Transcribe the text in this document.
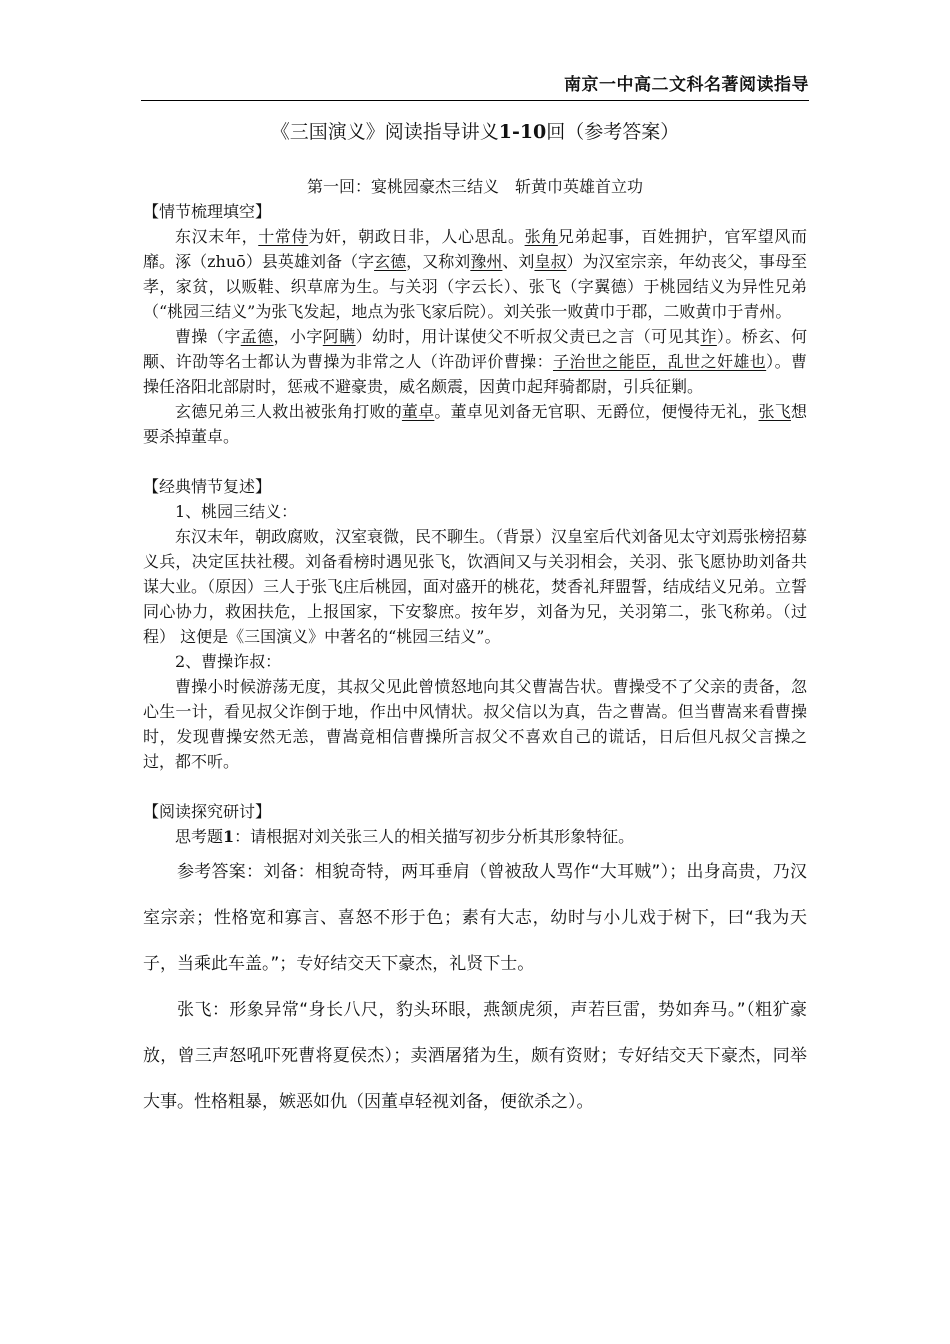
南京一中高二文科名著阅读指导

《三国演义》阅读指导讲义1-10回（参考答案）

第一回：宴桃园豪杰三结义　斩黄巾英雄首立功

【情节梳理填空】

东汉末年，十常侍为奸，朝政日非，人心思乱。张角兄弟起事，百姓拥护，官军望风而靡。涿（zhuō）县英雄刘备（字玄德，又称刘豫州、刘皇叔）为汉室宗亲，年幼丧父，事母至孝，家贫，以贩鞋、织草席为生。与关羽（字云长）、张飞（字翼德）于桃园结义为异性兄弟（“桃园三结义”为张飞发起，地点为张飞家后院）。刘关张一败黄巾于郡，二败黄巾于青州。

曹操（字孟德，小字阿瞒）幼时，用计谋使父不听叔父责已之言（可见其诈）。桥玄、何颙、许劭等名士都认为曹操为非常之人（许劭评价曹操：子治世之能臣，乱世之奸雄也）。曹操任洛阳北部尉时，惩戒不避豪贵，威名颇震，因黄巾起拜骑都尉，引兵征剿。

玄德兄弟三人救出被张角打败的董卓。董卓见刘备无官职、无爵位，便慢待无礼，张飞想要杀掉董卓。

【经典情节复述】

1、桃园三结义：

东汉末年，朝政腐败，汉室衰微，民不聊生。（背景）汉皇室后代刘备见太守刘焉张榜招募义兵，决定匡扶社稷。刘备看榜时遇见张飞，饮酒间又与关羽相会，关羽、张飞愿协助刘备共谋大业。（原因）三人于张飞庄后桃园，面对盛开的桃花，焚香礼拜盟誓，结成结义兄弟。立誓同心协力，救困扶危，上报国家，下安黎庶。按年岁，刘备为兄，关羽第二，张飞称弟。（过程） 这便是《三国演义》中著名的“桃园三结义”。

2、曹操诈叔：

曹操小时候游荡无度，其叔父见此曾愤怒地向其父曹嵩告状。曹操受不了父亲的责备，忽心生一计，看见叔父诈倒于地，作出中风情状。叔父信以为真，告之曹嵩。但当曹嵩来看曹操时，发现曹操安然无恙，曹嵩竟相信曹操所言叔父不喜欢自己的谎话，日后但凡叔父言操之过，都不听。

【阅读探究研讨】

思考题1：请根据对刘关张三人的相关描写初步分析其形象特征。

参考答案：刘备：相貌奇特，两耳垂肩（曾被敌人骂作“大耳贼”）；出身高贵，乃汉室宗亲；性格宽和寡言、喜怒不形于色；素有大志，幼时与小儿戏于树下，曰“我为天子，当乘此车盖。”；专好结交天下豪杰，礼贤下士。

张飞：形象异常“身长八尺，豹头环眼，燕颔虎须，声若巨雷，势如奔马。”（粗犷豪放，曾三声怒吼吓死曹将夏侯杰）；卖酒屠猪为生，颇有资财；专好结交天下豪杰，同举大事。性格粗暴，嫉恶如仇（因董卓轻视刘备，便欲杀之）。
